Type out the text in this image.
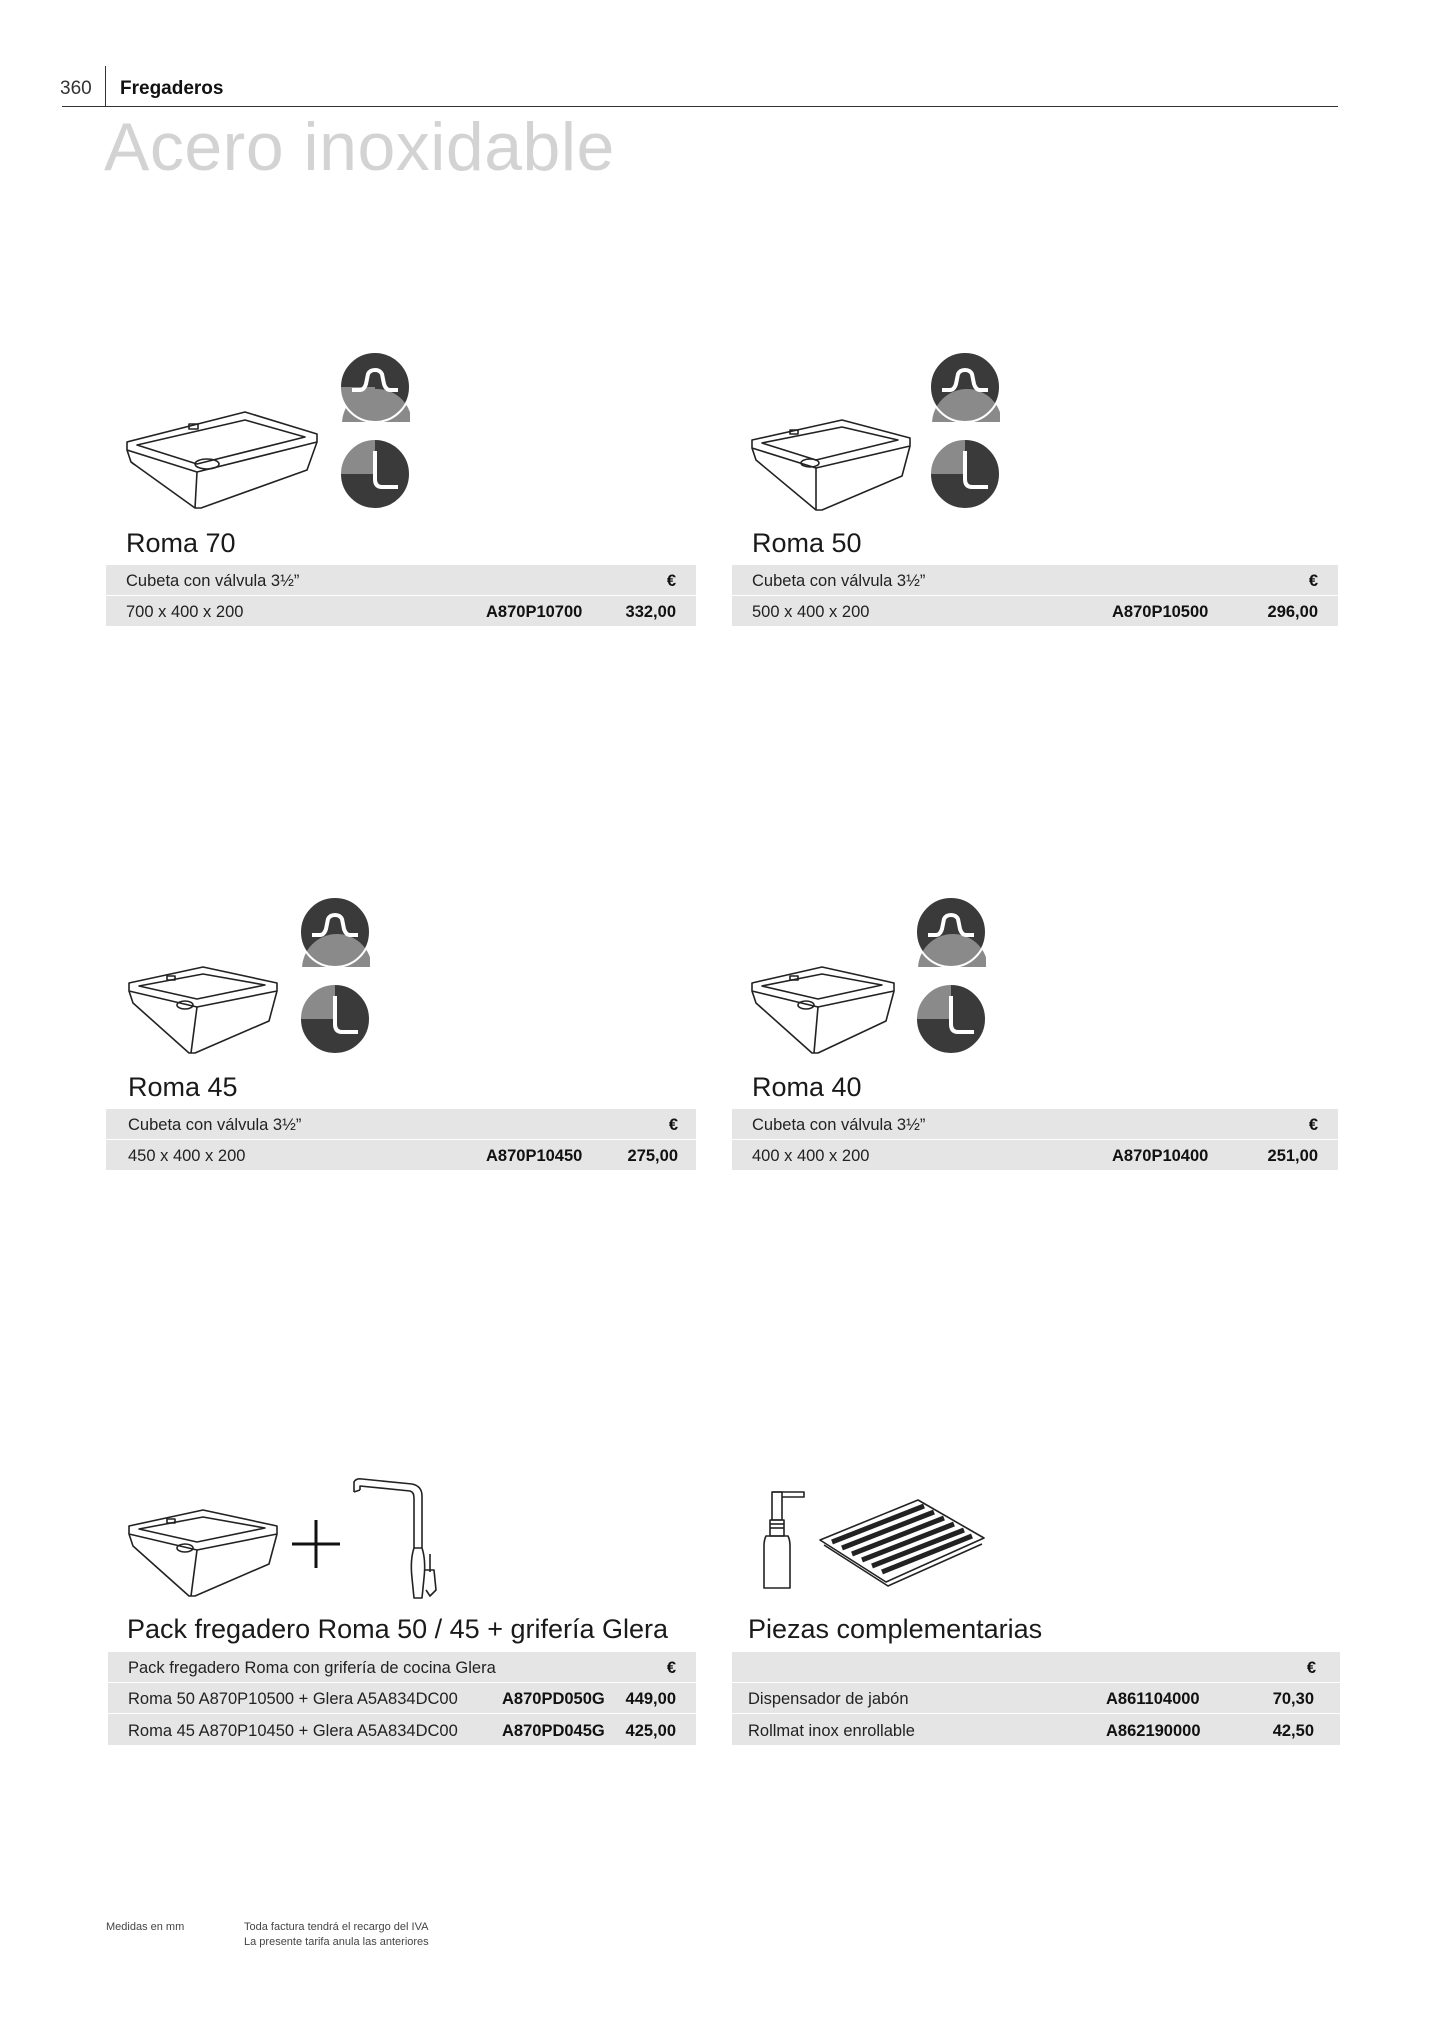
360 Fregaderos
Acero inoxidable
Roma 70
Cubeta con válvula 3½”	€
700 x 400 x 200	A870P10700	332,00
Roma 50
Cubeta con válvula 3½”	€
500 x 400 x 200	A870P10500	296,00
Roma 45
Cubeta con válvula 3½”	€
450 x 400 x 200	A870P10450	275,00
Roma 40
Cubeta con válvula 3½”	€
400 x 400 x 200	A870P10400	251,00
Pack fregadero Roma 50 / 45 + grifería Glera
Pack fregadero Roma con grifería de cocina Glera	€
Roma 50 A870P10500 + Glera A5A834DC00	A870PD050G 449,00
Roma 45 A870P10450 + Glera A5A834DC00	A870PD045G 425,00
Piezas complementarias
€
Dispensador de jabón	A861104000	70,30
Rollmat inox enrollable	A862190000	42,50
Medidas en mm	Toda factura tendrá el recargo del IVA
La presente tarifa anula las anteriores
